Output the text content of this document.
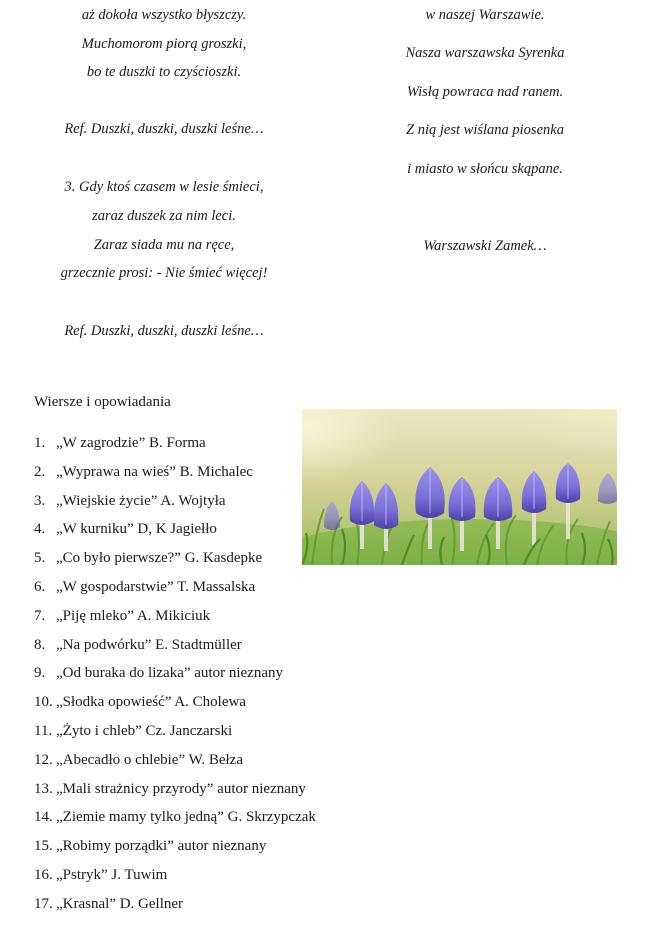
aż dokoła wszystko błyszczy.
Muchomorom piorą groszki,
bo te duszki to czyścioszki.
Ref. Duszki, duszki, duszki leśne…
3. Gdy ktoś czasem w lesie śmieci,
zaraz duszek za nim leci.
Zaraz siada mu na ręce,
grzecznie prosi: - Nie śmieć więcej!
Ref. Duszki, duszki, duszki leśne…
w naszej Warszawie.
Nasza warszawska Syrenka
Wisłą powraca nad ranem.
Z nią jest wiślana piosenka
i miasto w słońcu skąpane.
Warszawski Zamek…
Wiersze i opowiadania
1. „W zagrodzie” B. Forma
2. „Wyprawa na wieś” B. Michalec
3. „Wiejskie życie” A. Wojtyła
4. „W kurniku” D, K Jagiełło
5. „Co było pierwsze?” G. Kasdepke
6. „W gospodarstwie” T. Massalska
7. „Piję mleko” A. Mikiciuk
8. „Na podwórku” E. Stadtmüller
9. „Od buraka do lizaka” autor nieznany
10. „Słodka opowieść” A. Cholewa
11. „Żyto i chleb” Cz. Janczarski
12. „Abecadło o chlebie” W. Bełza
13. „Mali strażnicy przyrody” autor nieznany
14. „Ziemie mamy tylko jedną” G. Skrzypczak
15. „Robimy porządki” autor nieznany
16. „Pstryk” J. Tuwim
17. „Krasnal” D. Gellner
